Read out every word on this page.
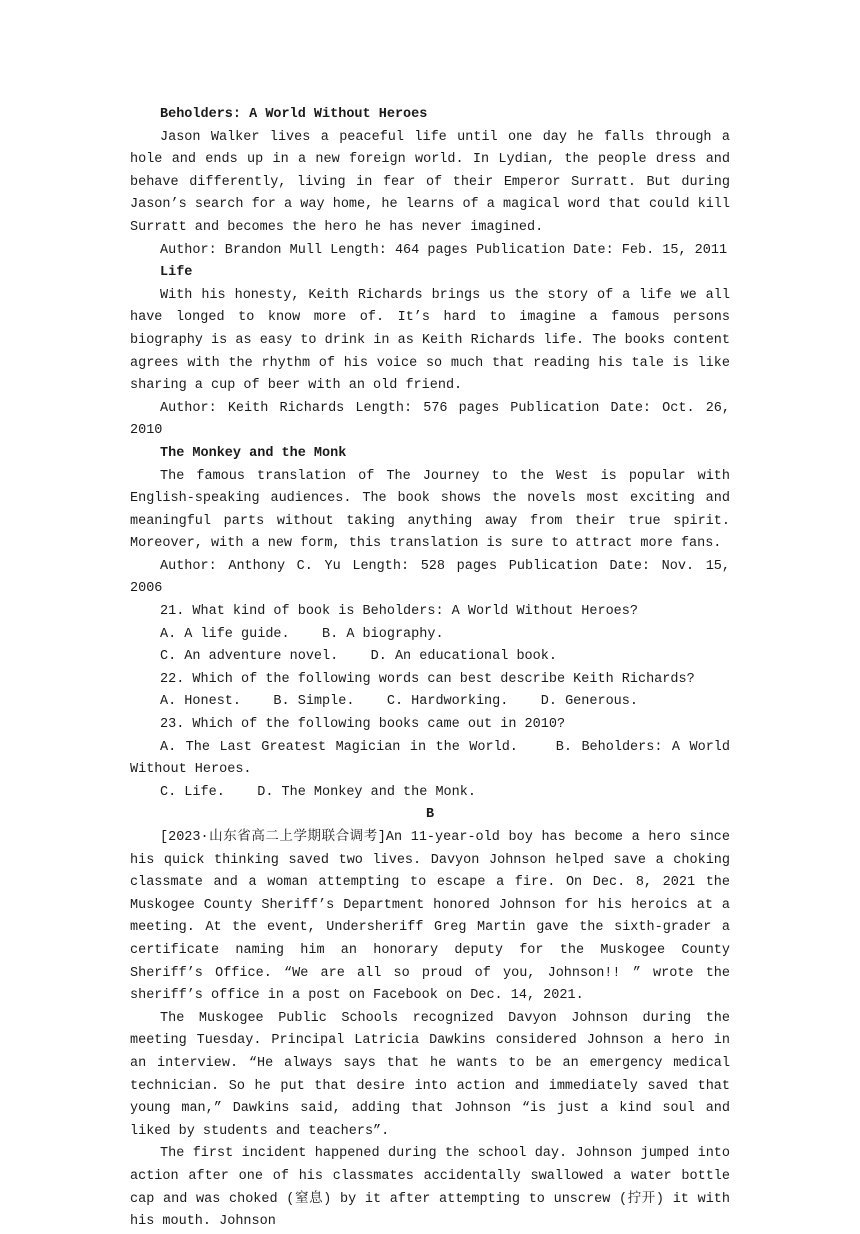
Beholders: A World Without Heroes

Jason Walker lives a peaceful life until one day he falls through a hole and ends up in a new foreign world. In Lydian, the people dress and behave differently, living in fear of their Emperor Surratt. But during Jason’s search for a way home, he learns of a magical word that could kill Surratt and becomes the hero he has never imagined.

Author: Brandon Mull Length: 464 pages Publication Date: Feb. 15, 2011

Life

With his honesty, Keith Richards brings us the story of a life we all have longed to know more of. It’s hard to imagine a famous persons biography is as easy to drink in as Keith Richards life. The books content agrees with the rhythm of his voice so much that reading his tale is like sharing a cup of beer with an old friend.

Author: Keith Richards Length: 576 pages Publication Date: Oct. 26, 2010

The Monkey and the Monk

The famous translation of The Journey to the West is popular with English-speaking audiences. The book shows the novels most exciting and meaningful parts without taking anything away from their true spirit. Moreover, with a new form, this translation is sure to attract more fans.

Author: Anthony C. Yu Length: 528 pages Publication Date: Nov. 15, 2006

21. What kind of book is Beholders: A World Without Heroes?

A. A life guide.    B. A biography.

C. An adventure novel.    D. An educational book.

22. Which of the following words can best describe Keith Richards?

A. Honest.    B. Simple.    C. Hardworking.    D. Generous.

23. Which of the following books came out in 2010?

A. The Last Greatest Magician in the World.    B. Beholders: A World Without Heroes.

C. Life.    D. The Monkey and the Monk.

B

[2023·山东省高二上学期联合调考]An 11-year-old boy has become a hero since his quick thinking saved two lives. Davyon Johnson helped save a choking classmate and a woman attempting to escape a fire. On Dec. 8, 2021 the Muskogee County Sheriff’s Department honored Johnson for his heroics at a meeting. At the event, Undersheriff Greg Martin gave the sixth-grader a certificate naming him an honorary deputy for the Muskogee County Sheriff’s Office. “We are all so proud of you, Johnson!! ” wrote the sheriff’s office in a post on Facebook on Dec. 14, 2021.

The Muskogee Public Schools recognized Davyon Johnson during the meeting Tuesday. Principal Latricia Dawkins considered Johnson a hero in an interview. “He always says that he wants to be an emergency medical technician. So he put that desire into action and immediately saved that young man,” Dawkins said, adding that Johnson “is just a kind soul and liked by students and teachers”.

The first incident happened during the school day. Johnson jumped into action after one of his classmates accidentally swallowed a water bottle cap and was choked (窒息) by it after attempting to unscrew (拧开) it with his mouth. Johnson
